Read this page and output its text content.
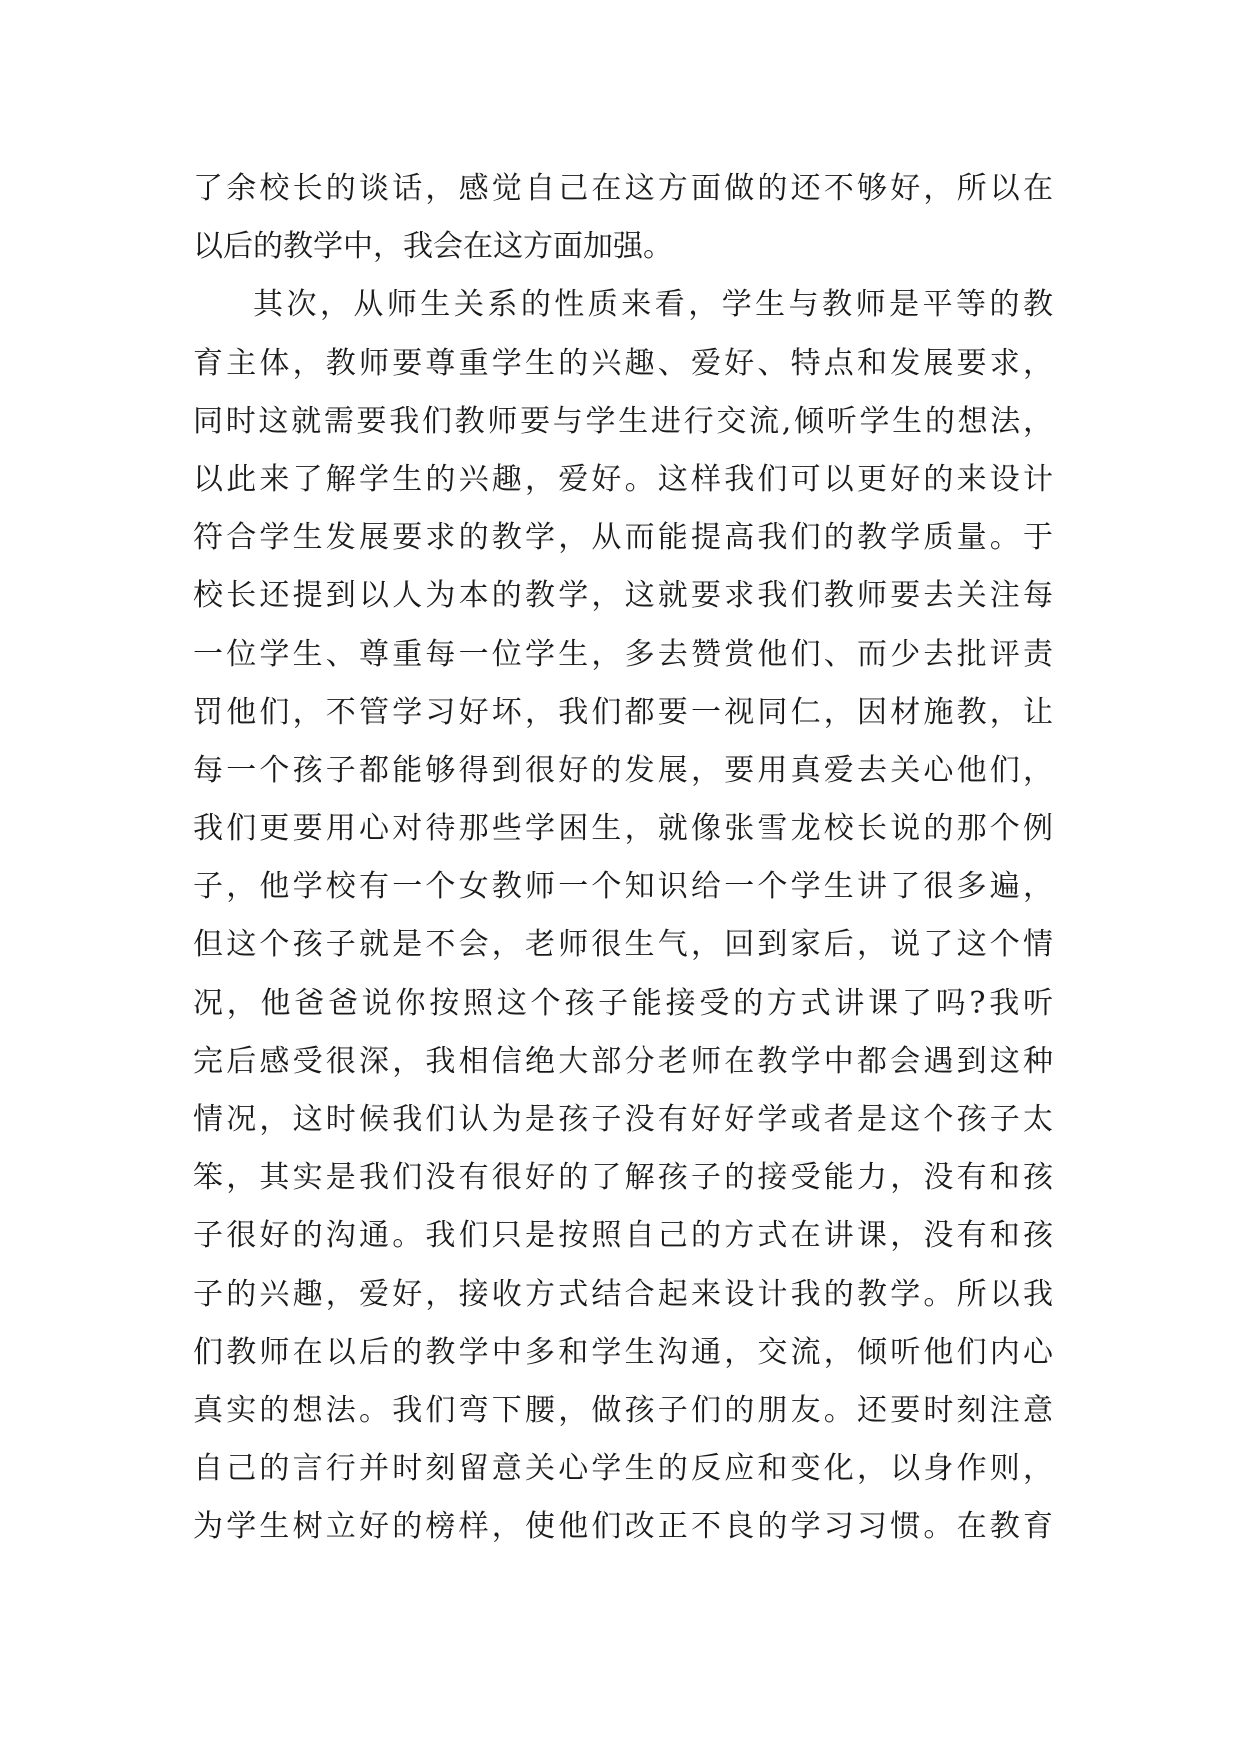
了余校长的谈话，感觉自己在这方面做的还不够好，所以在
以后的教学中，我会在这方面加强。
其次，从师生关系的性质来看，学生与教师是平等的教
育主体，教师要尊重学生的兴趣、爱好、特点和发展要求，
同时这就需要我们教师要与学生进行交流,倾听学生的想法，
以此来了解学生的兴趣，爱好。这样我们可以更好的来设计
符合学生发展要求的教学，从而能提高我们的教学质量。于
校长还提到以人为本的教学，这就要求我们教师要去关注每
一位学生、尊重每一位学生，多去赞赏他们、而少去批评责
罚他们，不管学习好坏，我们都要一视同仁，因材施教，让
每一个孩子都能够得到很好的发展，要用真爱去关心他们，
我们更要用心对待那些学困生，就像张雪龙校长说的那个例
子，他学校有一个女教师一个知识给一个学生讲了很多遍，
但这个孩子就是不会，老师很生气，回到家后，说了这个情
况，他爸爸说你按照这个孩子能接受的方式讲课了吗?我听
完后感受很深，我相信绝大部分老师在教学中都会遇到这种
情况，这时候我们认为是孩子没有好好学或者是这个孩子太
笨，其实是我们没有很好的了解孩子的接受能力，没有和孩
子很好的沟通。我们只是按照自己的方式在讲课，没有和孩
子的兴趣，爱好，接收方式结合起来设计我的教学。所以我
们教师在以后的教学中多和学生沟通，交流，倾听他们内心
真实的想法。我们弯下腰，做孩子们的朋友。还要时刻注意
自己的言行并时刻留意关心学生的反应和变化，以身作则，
为学生树立好的榜样，使他们改正不良的学习习惯。在教育
